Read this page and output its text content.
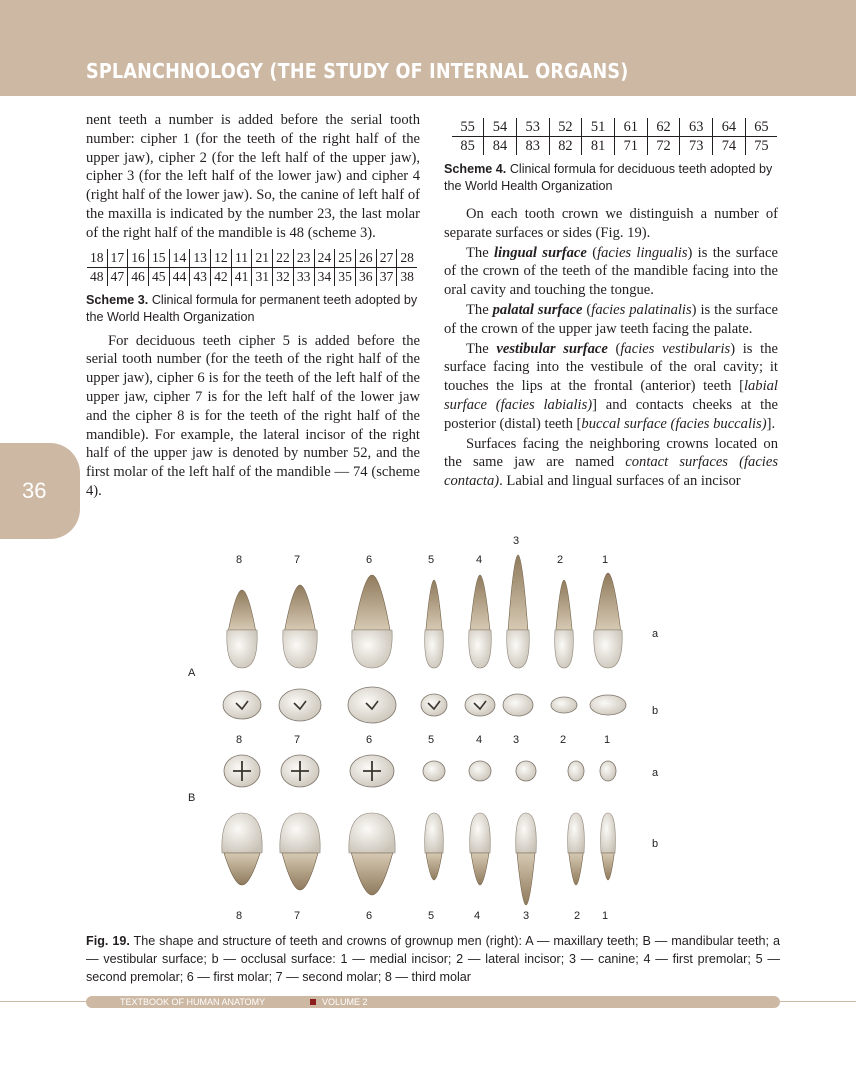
SPLANCHNOLOGY (THE STUDY OF INTERNAL ORGANS)
36

nent teeth a number is added before the serial tooth number: cipher 1 (for the teeth of the right half of the upper jaw), cipher 2 (for the left half of the upper jaw), cipher 3 (for the left half of the lower jaw) and cipher 4 (right half of the lower jaw). So, the canine of left half of the maxilla is indicated by the number 23, the last molar of the right half of the mandible is 48 (scheme 3).

18	17	16	15	14	13	12	11	21	22	23	24	25	26	27	28
48	47	46	45	44	43	42	41	31	32	33	34	35	36	37	38

Scheme 3. Clinical formula for permanent teeth adopted by the World Health Organization

For deciduous teeth cipher 5 is added before the serial tooth number (for the teeth of the right half of the upper jaw), cipher 6 is for the teeth of the left half of the upper jaw, cipher 7 is for the left half of the lower jaw and the cipher 8 is for the teeth of the right half of the mandible). For example, the lateral incisor of the right half of the upper jaw is denoted by number 52, and the first molar of the left half of the mandible — 74 (scheme 4).

55	54	53	52	51	61	62	63	64	65
85	84	83	82	81	71	72	73	74	75

Scheme 4. Clinical formula for deciduous teeth adopted by the World Health Organization

On each tooth crown we distinguish a number of separate surfaces or sides (Fig. 19).

The lingual surface (facies lingualis) is the surface of the crown of the teeth of the mandible facing into the oral cavity and touching the tongue.

The palatal surface (facies palatinalis) is the surface of the crown of the upper jaw teeth facing the palate.

The vestibular surface (facies vestibularis) is the surface facing into the vestibule of the oral cavity; it touches the lips at the frontal (anterior) teeth [labial surface (facies labialis)] and contacts cheeks at the posterior (distal) teeth [buccal surface (facies buccalis)].

Surfaces facing the neighboring crowns located on the same jaw are named contact surfaces (facies contacta). Labial and lingual surfaces of an incisor

8
8
8
7
7
7
6
6
6
5
5
5
4
4
4
3
3
3
2
2
2
1
1
1
A
B
a
b
a
b
Fig. 19. The shape and structure of teeth and crowns of grownup men (right): A — maxillary teeth; B — mandibular teeth; a — vestibular surface; b — occlusal surface: 1 — medial incisor; 2 — lateral incisor; 3 — canine; 4 — first premolar; 5 — second premolar; 6 — first molar; 7 — second molar; 8 — third molar
TEXTBOOK OF HUMAN ANATOMY	VOLUME 2
